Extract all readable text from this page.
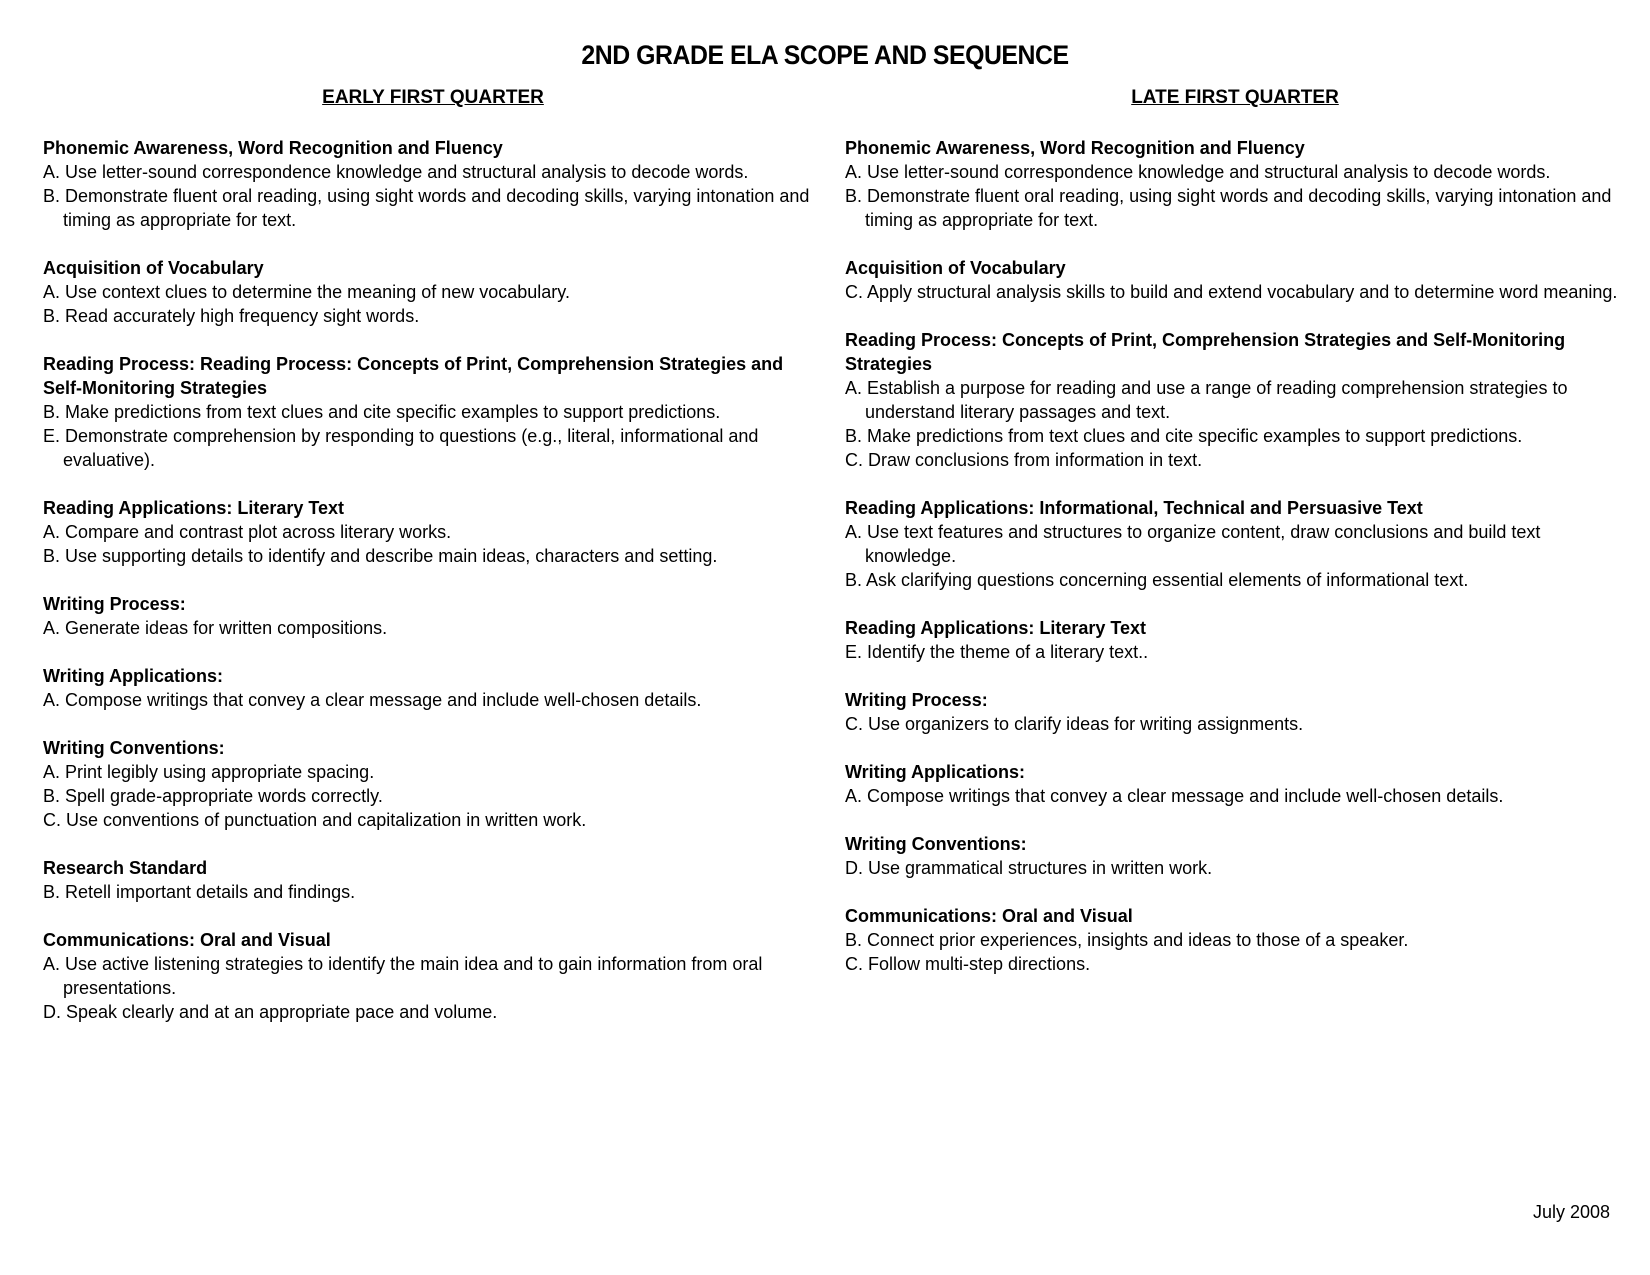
2ND GRADE ELA SCOPE AND SEQUENCE
EARLY FIRST QUARTER
Phonemic Awareness, Word Recognition and Fluency
A. Use letter-sound correspondence knowledge and structural analysis to decode words.
B. Demonstrate fluent oral reading, using sight words and decoding skills, varying intonation and timing as appropriate for text.
Acquisition of Vocabulary
A. Use context clues to determine the meaning of new vocabulary.
B. Read accurately high frequency sight words.
Reading Process: Reading Process: Concepts of Print, Comprehension Strategies and Self-Monitoring Strategies
B. Make predictions from text clues and cite specific examples to support predictions.
E. Demonstrate comprehension by responding to questions (e.g., literal, informational and evaluative).
Reading Applications: Literary Text
A. Compare and contrast plot across literary works.
B. Use supporting details to identify and describe main ideas, characters and setting.
Writing Process:
A. Generate ideas for written compositions.
Writing Applications:
A. Compose writings that convey a clear message and include well-chosen details.
Writing Conventions:
A. Print legibly using appropriate spacing.
B. Spell grade-appropriate words correctly.
C. Use conventions of punctuation and capitalization in written work.
Research Standard
B. Retell important details and findings.
Communications: Oral and Visual
A. Use active listening strategies to identify the main idea and to gain information from oral presentations.
D. Speak clearly and at an appropriate pace and volume.
LATE FIRST QUARTER
Phonemic Awareness, Word Recognition and Fluency
A. Use letter-sound correspondence knowledge and structural analysis to decode words.
B. Demonstrate fluent oral reading, using sight words and decoding skills, varying intonation and timing as appropriate for text.
Acquisition of Vocabulary
C. Apply structural analysis skills to build and extend vocabulary and to determine word meaning.
Reading Process: Concepts of Print, Comprehension Strategies and Self-Monitoring Strategies
A. Establish a purpose for reading and use a range of reading comprehension strategies to understand literary passages and text.
B. Make predictions from text clues and cite specific examples to support predictions.
C. Draw conclusions from information in text.
Reading Applications: Informational, Technical and Persuasive Text
A. Use text features and structures to organize content, draw conclusions and build text knowledge.
B. Ask clarifying questions concerning essential elements of informational text.
Reading Applications: Literary Text
E. Identify the theme of a literary text..
Writing Process:
C. Use organizers to clarify ideas for writing assignments.
Writing Applications:
A. Compose writings that convey a clear message and include well-chosen details.
Writing Conventions:
D. Use grammatical structures in written work.
Communications: Oral and Visual
B. Connect prior experiences, insights and ideas to those of a speaker.
C. Follow multi-step directions.
July 2008
